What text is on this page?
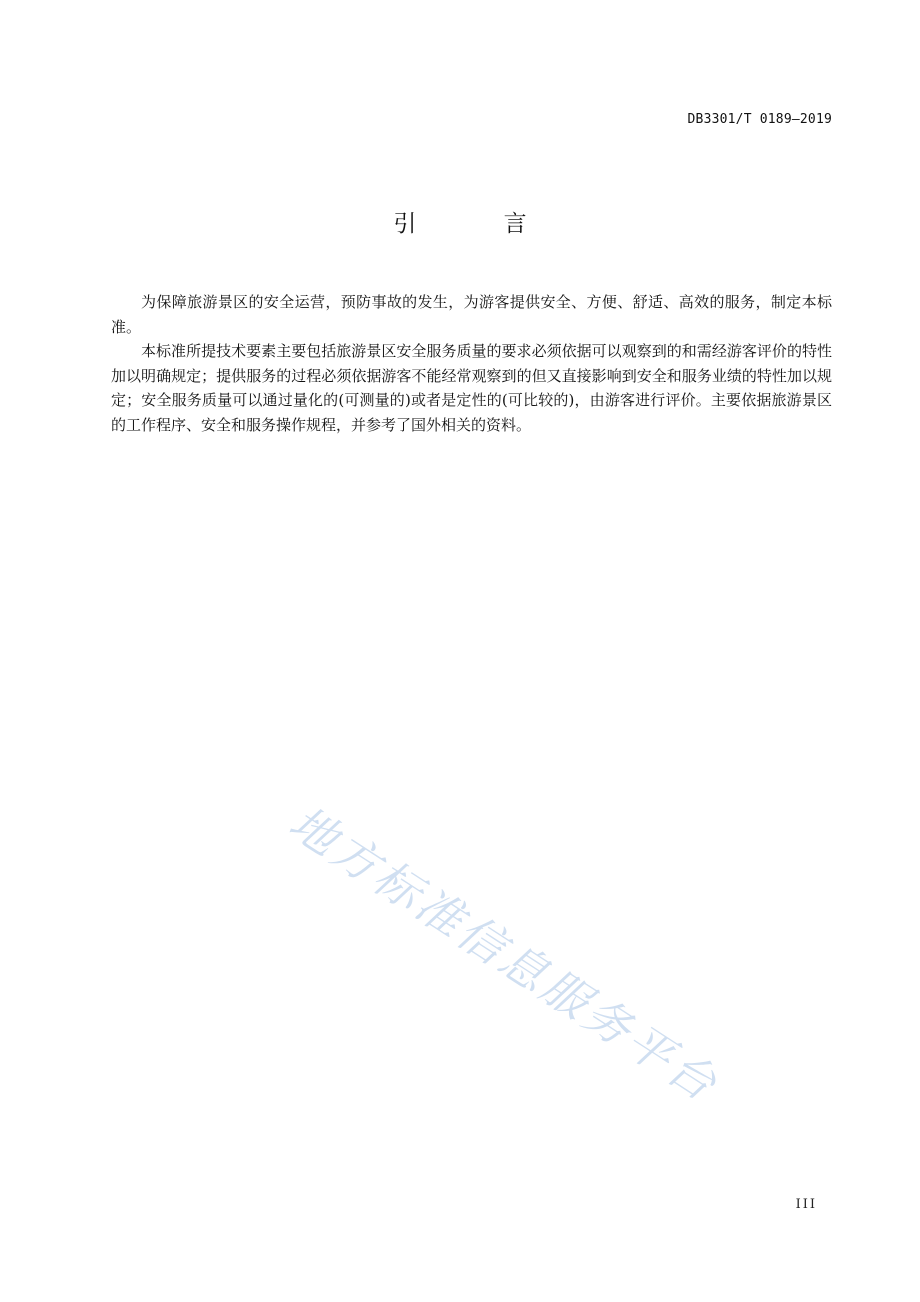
DB3301/T 0189—2019
引 言

为保障旅游景区的安全运营，预防事故的发生，为游客提供安全、方便、舒适、高效的服务，制定本标准。

本标准所提技术要素主要包括旅游景区安全服务质量的要求必须依据可以观察到的和需经游客评价的特性加以明确规定；提供服务的过程必须依据游客不能经常观察到的但又直接影响到安全和服务业绩的特性加以规定；安全服务质量可以通过量化的(可测量的)或者是定性的(可比较的)，由游客进行评价。主要依据旅游景区的工作程序、安全和服务操作规程，并参考了国外相关的资料。

地方标准信息服务平台
III
